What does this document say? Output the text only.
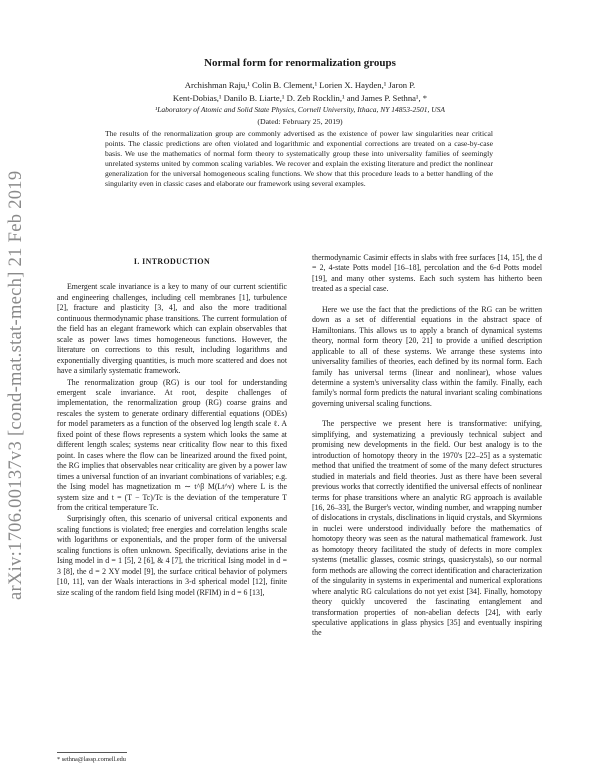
arXiv:1706.00137v3 [cond-mat.stat-mech] 21 Feb 2019
Normal form for renormalization groups
Archishman Raju,¹ Colin B. Clement,¹ Lorien X. Hayden,¹ Jaron P.
Kent-Dobias,¹ Danilo B. Liarte,¹ D. Zeb Rocklin,¹ and James P. Sethna¹, *
¹Laboratory of Atomic and Solid State Physics, Cornell University, Ithaca, NY 14853-2501, USA
(Dated: February 25, 2019)
The results of the renormalization group are commonly advertised as the existence of power law singularities near critical points. The classic predictions are often violated and logarithmic and exponential corrections are treated on a case-by-case basis. We use the mathematics of normal form theory to systematically group these into universality families of seemingly unrelated systems united by common scaling variables. We recover and explain the existing literature and predict the nonlinear generalization for the universal homogeneous scaling functions. We show that this procedure leads to a better handling of the singularity even in classic cases and elaborate our framework using several examples.
I. INTRODUCTION

Emergent scale invariance is a key to many of our current scientific and engineering challenges, including cell membranes [1], turbulence [2], fracture and plasticity [3, 4], and also the more traditional continuous thermodynamic phase transitions. The current formulation of the field has an elegant framework which can explain observables that scale as power laws times homogeneous functions. However, the literature on corrections to this result, including logarithms and exponentially diverging quantities, is much more scattered and does not have a similarly systematic framework.

The renormalization group (RG) is our tool for understanding emergent scale invariance. At root, despite challenges of implementation, the renormalization group (RG) coarse grains and rescales the system to generate ordinary differential equations (ODEs) for model parameters as a function of the observed log length scale ℓ. A fixed point of these flows represents a system which looks the same at different length scales; systems near criticality flow near to this fixed point. In cases where the flow can be linearized around the fixed point, the RG implies that observables near criticality are given by a power law times a universal function of an invariant combinations of variables; e.g. the Ising model has magnetization m ∼ t^β M(Lt^ν) where L is the system size and t = (T − Tc)/Tc is the deviation of the temperature T from the critical temperature Tc.

Surprisingly often, this scenario of universal critical exponents and scaling functions is violated; free energies and correlation lengths scale with logarithms or exponentials, and the proper form of the universal scaling functions is often unknown. Specifically, deviations arise in the Ising model in d = 1 [5], 2 [6], & 4 [7], the tricritical Ising model in d = 3 [8], the d = 2 XY model [9], the surface critical behavior of polymers [10, 11], van der Waals interactions in 3-d spherical model [12], finite size scaling of the random field Ising model (RFIM) in d = 6 [13],

thermodynamic Casimir effects in slabs with free surfaces [14, 15], the d = 2, 4-state Potts model [16–18], percolation and the 6-d Potts model [19], and many other systems. Each such system has hitherto been treated as a special case.

Here we use the fact that the predictions of the RG can be written down as a set of differential equations in the abstract space of Hamiltonians. This allows us to apply a branch of dynamical systems theory, normal form theory [20, 21] to provide a unified description applicable to all of these systems. We arrange these systems into universality families of theories, each defined by its normal form. Each family has universal terms (linear and nonlinear), whose values determine a system's universality class within the family. Finally, each family's normal form predicts the natural invariant scaling combinations governing universal scaling functions.

The perspective we present here is transformative: unifying, simplifying, and systematizing a previously technical subject and promising new developments in the field. Our best analogy is to the introduction of homotopy theory in the 1970's [22–25] as a systematic method that unified the treatment of some of the many defect structures studied in materials and field theories. Just as there have been several previous works that correctly identified the universal effects of nonlinear terms for phase transitions where an analytic RG approach is available [16, 26–33], the Burger's vector, winding number, and wrapping number of dislocations in crystals, disclinations in liquid crystals, and Skyrmions in nuclei were understood individually before the mathematics of homotopy theory was seen as the natural mathematical framework. Just as homotopy theory facilitated the study of defects in more complex systems (metallic glasses, cosmic strings, quasicrystals), so our normal form methods are allowing the correct identification and characterization of the singularity in systems in experimental and numerical explorations where analytic RG calculations do not yet exist [34]. Finally, homotopy theory quickly uncovered the fascinating entanglement and transformation properties of non-abelian defects [24], with early speculative applications in glass physics [35] and eventually inspiring the

* sethna@lassp.cornell.edu
